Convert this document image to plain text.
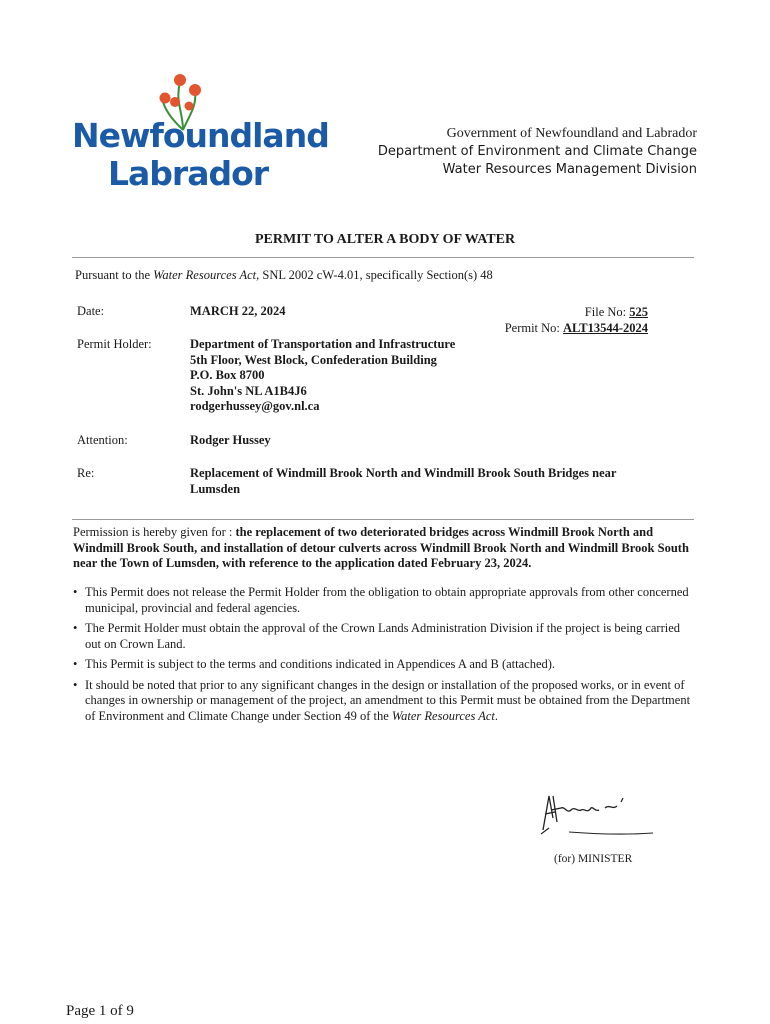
Newfoundland
Labrador
Government of Newfoundland and Labrador
Department of Environment and Climate Change
Water Resources Management Division
PERMIT TO ALTER A BODY OF WATER
Pursuant to the Water Resources Act, SNL 2002 cW-4.01, specifically Section(s) 48
Date:	MARCH 22, 2024	File No: 525
Permit No: ALT13544-2024
Permit Holder:	Department of Transportation and Infrastructure
5th Floor, West Block, Confederation Building
P.O. Box 8700
St. John's NL A1B4J6
rodgerhussey@gov.nl.ca
Attention:	Rodger Hussey
Re:	Replacement of Windmill Brook North and Windmill Brook South Bridges near
Lumsden
Permission is hereby given for : the replacement of two deteriorated bridges across Windmill Brook North and Windmill Brook South, and installation of detour culverts across Windmill Brook North and Windmill Brook South near the Town of Lumsden, with reference to the application dated February 23, 2024.
• This Permit does not release the Permit Holder from the obligation to obtain appropriate approvals from other concerned municipal, provincial and federal agencies.
• The Permit Holder must obtain the approval of the Crown Lands Administration Division if the project is being carried out on Crown Land.
• This Permit is subject to the terms and conditions indicated in Appendices A and B (attached).
• It should be noted that prior to any significant changes in the design or installation of the proposed works, or in event of changes in ownership or management of the project, an amendment to this Permit must be obtained from the Department of Environment and Climate Change under Section 49 of the Water Resources Act.
(for) MINISTER
Page 1 of 9
